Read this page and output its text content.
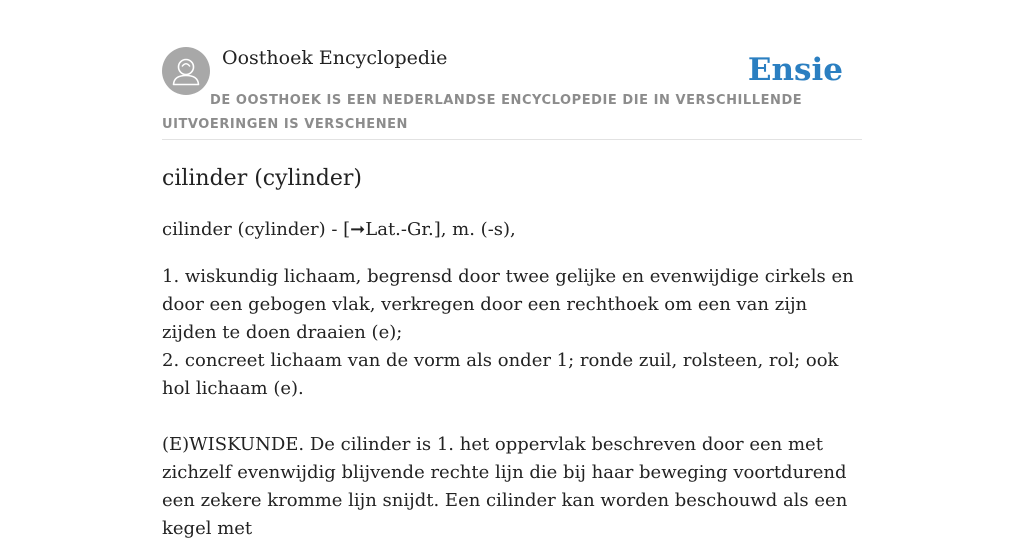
Oosthoek Encyclopedie	Ensie
DE OOSTHOEK IS EEN NEDERLANDSE ENCYCLOPEDIE DIE IN VERSCHILLENDE UITVOERINGEN IS VERSCHENEN
cilinder (cylinder)

cilinder (cylinder) - [➞Lat.-Gr.], m. (-s),

1. wiskundig lichaam, begrensd door twee gelijke en evenwijdige cirkels en door een gebogen vlak, verkregen door een rechthoek om een van zijn zijden te doen draaien (e);

2. concreet lichaam van de vorm als onder 1; ronde zuil, rolsteen, rol; ook hol lichaam (e).

(E)WISKUNDE. De cilinder is 1. het oppervlak beschreven door een met zichzelf evenwijdig blijvende rechte lijn die bij haar beweging voortdurend een zekere kromme lijn snijdt. Een cilinder kan worden beschouwd als een kegel met
